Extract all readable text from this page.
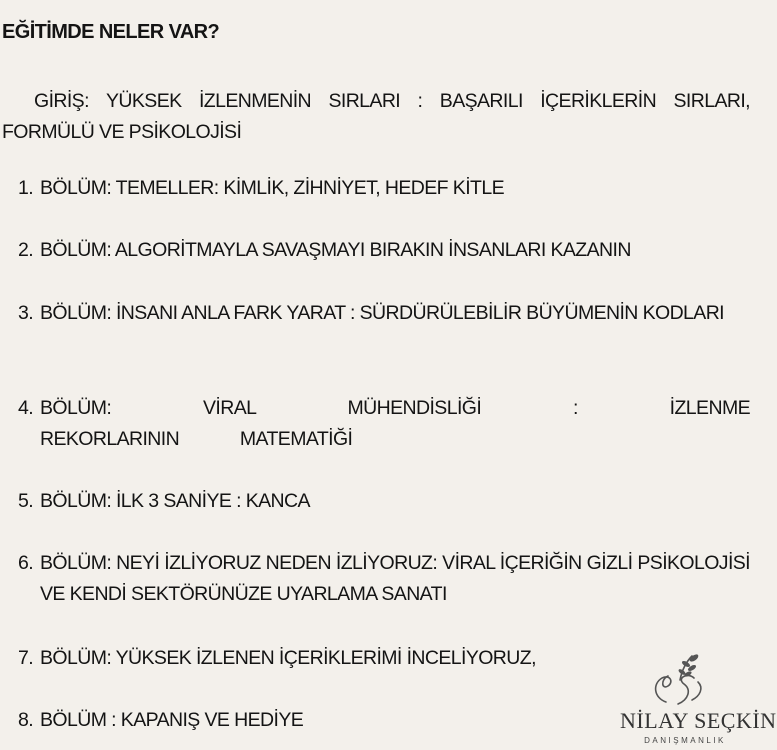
EĞİTİMDE NELER VAR?
GİRİŞ: YÜKSEK İZLENMENİN SIRLARI : BAŞARILI İÇERİKLERİN SIRLARI, FORMÜLÜ VE PSİKOLOJİSİ
1. BÖLÜM: TEMELLER: KİMLİK, ZİHNİYET, HEDEF KİTLE
2. BÖLÜM: ALGORİTMAYLA SAVAŞMAYI BIRAKIN İNSANLARI KAZANIN
3. BÖLÜM: İNSANI ANLA FARK YARAT : SÜRDÜRÜLEBİLİR BÜYÜMENİN KODLARI
4. BÖLÜM: VİRAL MÜHENDİSLİĞİ : İZLENME REKORLARININ MATEMATİĞİ
5. BÖLÜM: İLK 3 SANİYE : KANCA
6. BÖLÜM: NEYİ İZLİYORUZ NEDEN İZLİYORUZ: VİRAL İÇERİĞİN GİZLİ PSİKOLOJİSİ VE KENDİ SEKTÖRÜNÜZE UYARLAMA SANATI
7. BÖLÜM: YÜKSEK İZLENEN İÇERİKLERİMİ İNCELİYORUZ,
8. BÖLÜM : KAPANIŞ VE HEDİYE	NİLAY SEÇKİN
DANIŞMANLIK
